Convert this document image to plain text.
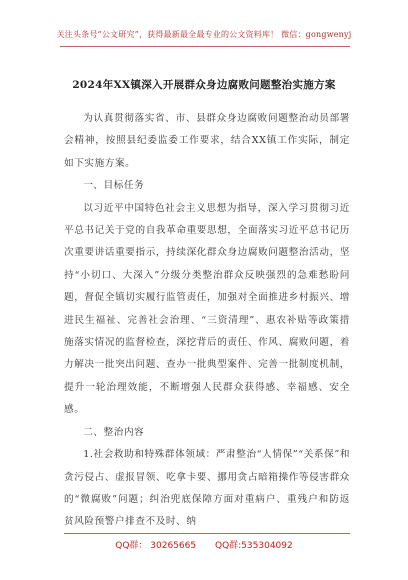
关注头条号“公文研究”，获得最新最全最专业的公文资料库！ 微信：gongwenyj
2024年XX镇深入开展群众身边腐败问题整治实施方案

为认真贯彻落实省、市、县群众身边腐败问题整治动员部署会精神，按照县纪委监委工作要求，结合XX镇工作实际，制定如下实施方案。

一、目标任务

以习近平中国特色社会主义思想为指导，深入学习贯彻习近平总书记关于党的自我革命重要思想，全面落实习近平总书记历次重要讲话重要指示，持续深化群众身边腐败问题整治活动，坚持“小切口、大深入”分级分类整治群众反映强烈的急难愁盼问题，督促全镇切实履行监管责任，加强对全面推进乡村振兴、增进民生福祉、完善社会治理、“三资清理”、惠农补贴等政策措施落实情况的监督检查，深挖背后的责任、作风、腐败问题，着力解决一批突出问题、查办一批典型案件、完善一批制度机制，提升一轮治理效能，不断增强人民群众获得感、幸福感、安全感。

二、整治内容

1.社会救助和特殊群体领域：严肃整治“人情保”“关系保”和贪污侵占、虚报冒领、吃拿卡要、挪用贪占暗箱操作等侵害群众的“微腐败”问题；纠治兜底保障方面对重病户、重残户和防返贫风险预警户排查不及时、纳

QQ群： 30265665 QQ群:535304092
